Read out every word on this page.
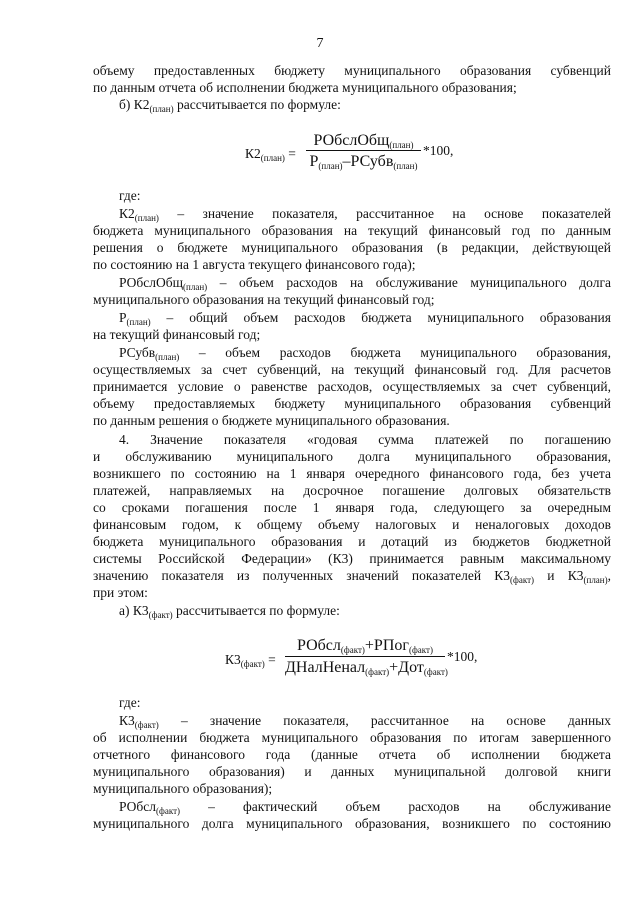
7
объему предоставленных бюджету муниципального образования субвенций
по данным отчета об исполнении бюджета муниципального образования;
б) $К2_{(план)}$ рассчитывается по формуле:
где:
$К2_{(план)}$ – значение показателя, рассчитанное на основе показателей
бюджета муниципального образования на текущий финансовый год по данным
решения о бюджете муниципального образования (в редакции, действующей
по состоянию на 1 августа текущего финансового года);
РОбслОбщ$_{(план)}$ – объем расходов на обслуживание муниципального долга
муниципального образования на текущий финансовый год;
$Р_{(план)}$ – общий объем расходов бюджета муниципального образования
на текущий финансовый год;
РСубв$_{(план)}$ – объем расходов бюджета муниципального образования,
осуществляемых за счет субвенций, на текущий финансовый год. Для расчетов
принимается условие о равенстве расходов, осуществляемых за счет субвенций,
объему предоставляемых бюджету муниципального образования субвенций
по данным решения о бюджете муниципального образования.
4. Значение показателя «годовая сумма платежей по погашению
и обслуживанию муниципального долга муниципального образования,
возникшего по состоянию на 1 января очередного финансового года, без учета
платежей, направляемых на досрочное погашение долговых обязательств
со сроками погашения после 1 января года, следующего за очередным
финансовым годом, к общему объему налоговых и неналоговых доходов
бюджета муниципального образования и дотаций из бюджетов бюджетной
системы Российской Федерации» (К3) принимается равным максимальному
значению показателя из полученных значений показателей $К3_{(факт)}$ и $К3_{(план)}$,
при этом:
а) $К3_{(факт)}$ рассчитывается по формуле:
где:
$К3_{(факт)}$ – значение показателя, рассчитанное на основе данных
об исполнении бюджета муниципального образования по итогам завершенного
отчетного финансового года (данные отчета об исполнении бюджета
муниципального образования) и данных муниципальной долговой книги
муниципального образования);
РОбсл$_{(факт)}$ – фактический объем расходов на обслуживание
муниципального долга муниципального образования, возникшего по состоянию
$К2_{(план)}$ =
РОбслОбщ$_{(план)}$
$Р_{(план)}-РСубв_{(план)}$
*100,
$К3_{(факт)}$ =
РОбсл$_{(факт)}$+РПог$_{(факт)}$
ДНалНенал$_{(факт)}$+Дот$_{(факт)}$
*100,
